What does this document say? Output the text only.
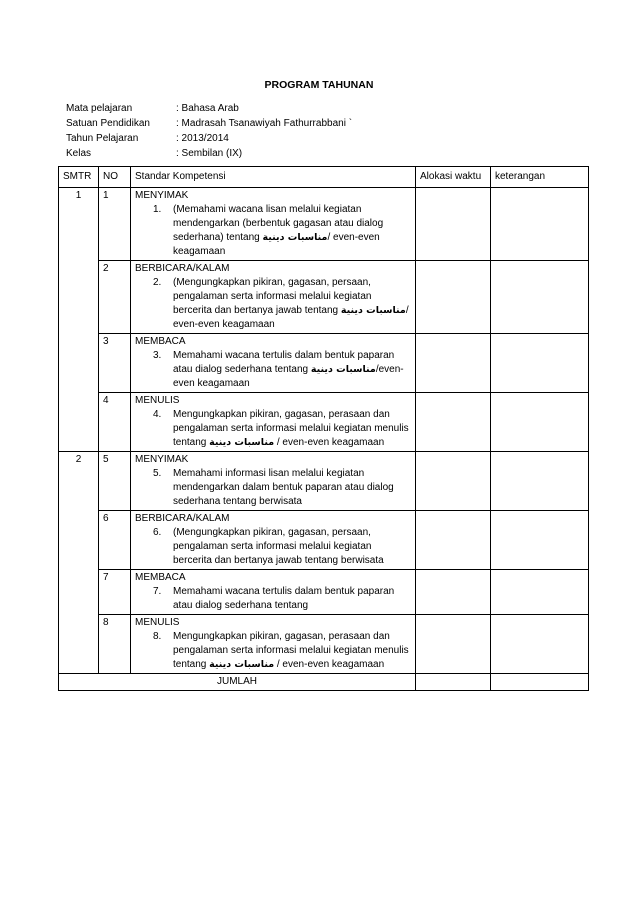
PROGRAM TAHUNAN
Mata pelajaran	: Bahasa Arab
Satuan Pendidikan	: Madrasah Tsanawiyah Fathurrabbani `
Tahun Pelajaran	: 2013/2014
Kelas	: Sembilan (IX)
SMTR	NO	Standar Kompetensi	Alokasi waktu	keterangan
1	1	MENYIMAK
1. (Memahami wacana lisan melalui kegiatan mendengarkan (berbentuk gagasan atau dialog sederhana) tentang مناسبات دينية/ even-even keagamaan		

	2	BERBICARA/KALAM
2. (Mengungkapkan pikiran, gagasan, persaan, pengalaman serta informasi melalui kegiatan bercerita dan bertanya jawab tentang مناسبات دينية/ even-even keagamaan		

	3	MEMBACA
3. Memahami wacana tertulis dalam bentuk paparan atau dialog sederhana tentang مناسبات دينية/even-even keagamaan		

	4	MENULIS
4. Mengungkapkan pikiran, gagasan, perasaan dan pengalaman serta informasi melalui kegiatan menulis tentang مناسبات دينية / even-even keagamaan		

2	5	MENYIMAK
5. Memahami informasi lisan melalui kegiatan mendengarkan dalam bentuk paparan atau dialog sederhana tentang berwisata		

	6	BERBICARA/KALAM
6. (Mengungkapkan pikiran, gagasan, persaan, pengalaman serta informasi melalui kegiatan bercerita dan bertanya jawab tentang berwisata		

	7	MEMBACA
7. Memahami wacana tertulis dalam bentuk paparan atau dialog sederhana tentang		

	8	MENULIS
8. Mengungkapkan pikiran, gagasan, perasaan dan pengalaman serta informasi melalui kegiatan menulis tentang مناسبات دينية / even-even keagamaan		

JUMLAH				
